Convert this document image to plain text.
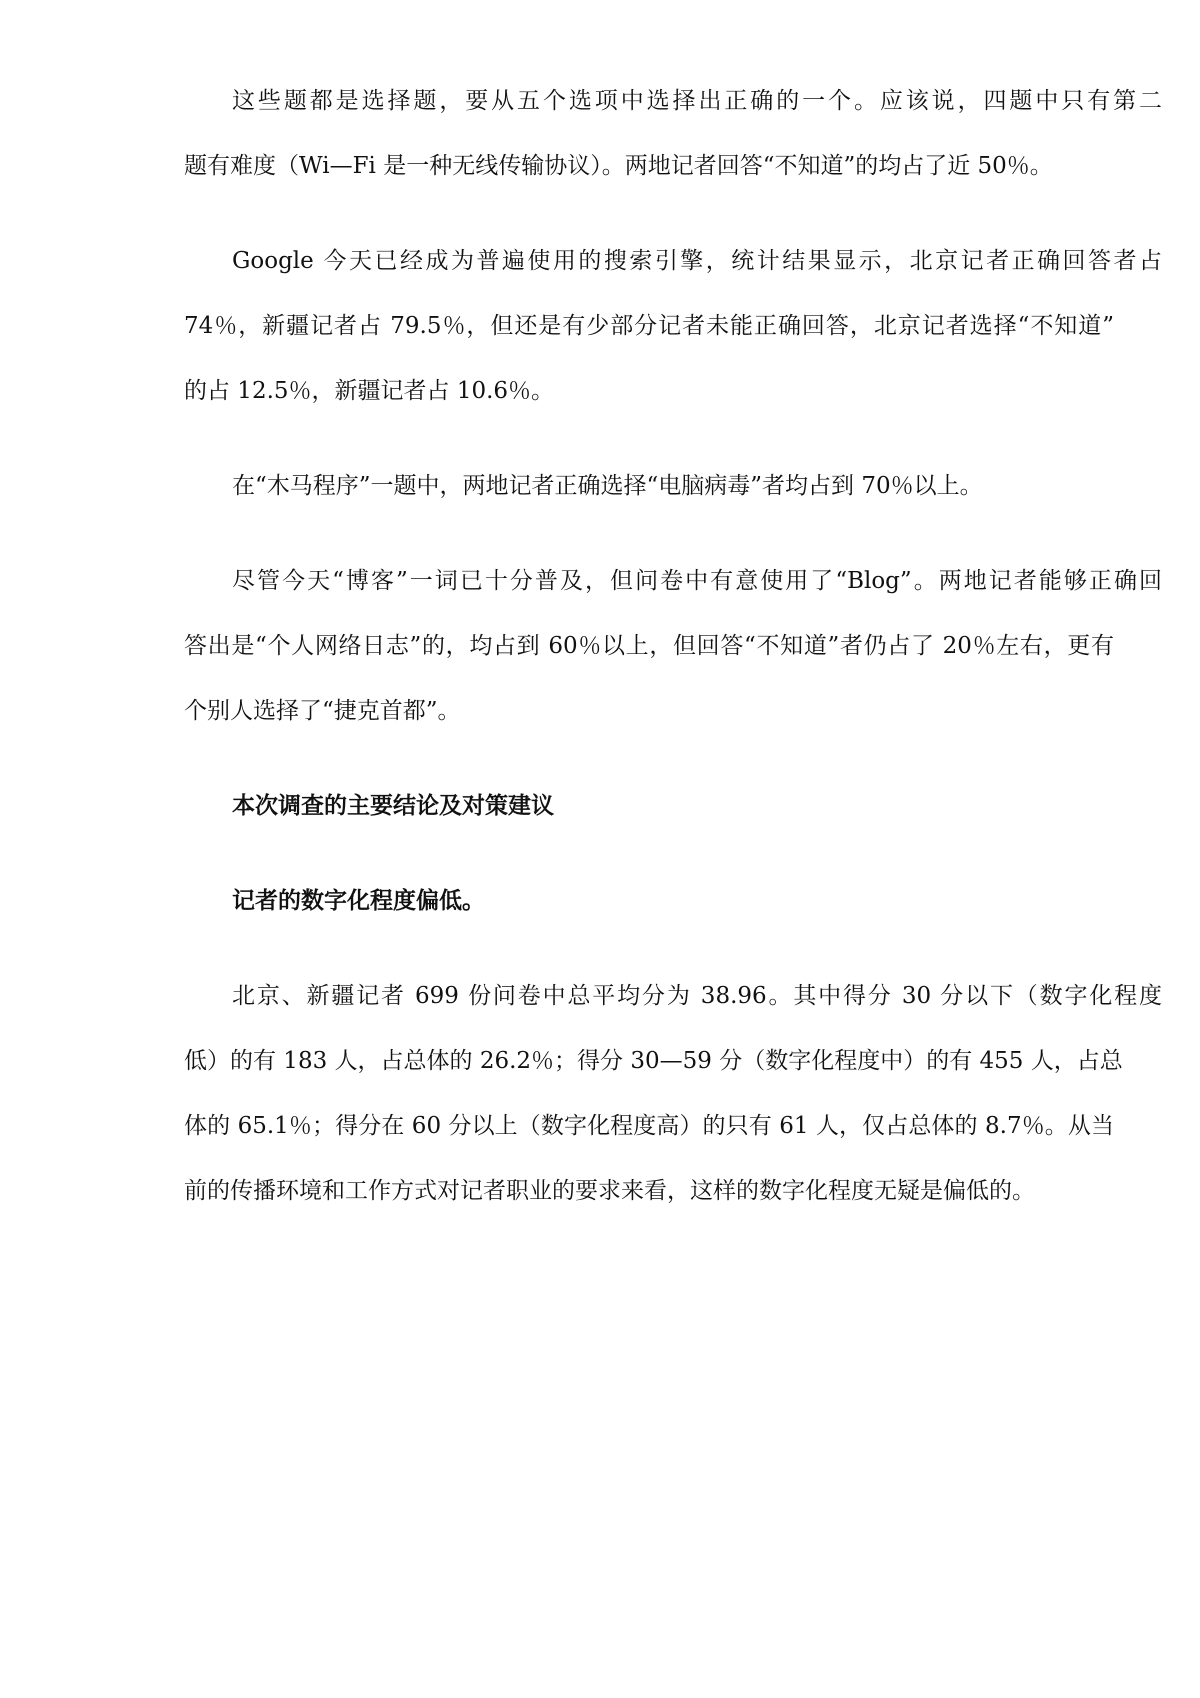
这些题都是选择题，要从五个选项中选择出正确的一个。应该说，四题中只有第二

题有难度（Wi—Fi 是一种无线传输协议）。两地记者回答“不知道”的均占了近 50％。

Google 今天已经成为普遍使用的搜索引擎，统计结果显示，北京记者正确回答者占

74％，新疆记者占 79.5％，但还是有少部分记者未能正确回答，北京记者选择“不知道”

的占 12.5％，新疆记者占 10.6％。

在“木马程序”一题中，两地记者正确选择“电脑病毒”者均占到 70％以上。

尽管今天“博客”一词已十分普及，但问卷中有意使用了“Blog”。两地记者能够正确回

答出是“个人网络日志”的，均占到 60％以上，但回答“不知道”者仍占了 20％左右，更有

个别人选择了“捷克首都”。

本次调查的主要结论及对策建议

记者的数字化程度偏低。

北京、新疆记者 699 份问卷中总平均分为 38.96。其中得分 30 分以下（数字化程度

低）的有 183 人，占总体的 26.2％；得分 30—59 分（数字化程度中）的有 455 人，占总

体的 65.1％；得分在 60 分以上（数字化程度高）的只有 61 人，仅占总体的 8.7％。从当

前的传播环境和工作方式对记者职业的要求来看，这样的数字化程度无疑是偏低的。
